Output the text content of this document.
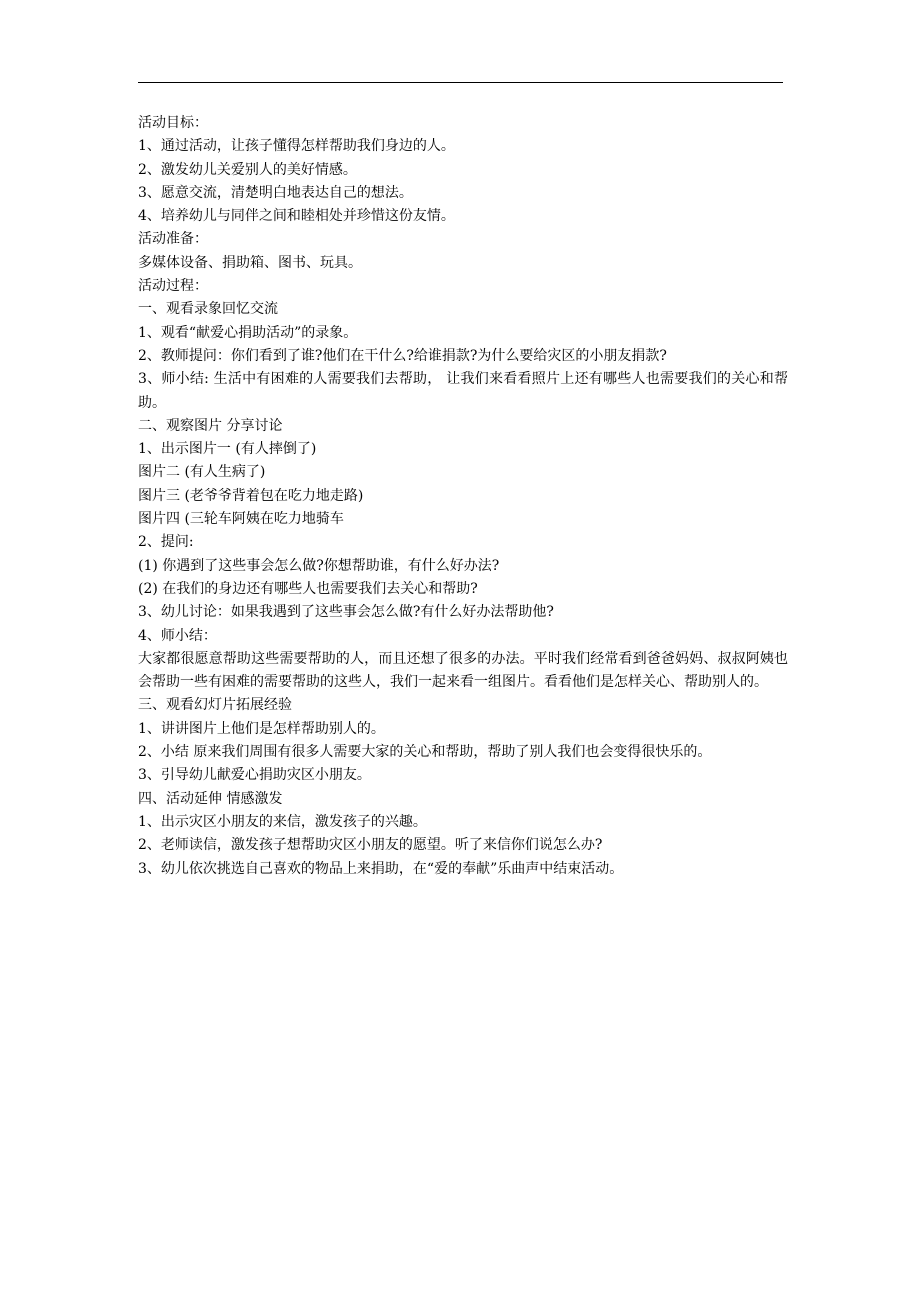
活动目标：

1、通过活动，让孩子懂得怎样帮助我们身边的人。

2、激发幼儿关爱别人的美好情感。

3、愿意交流，清楚明白地表达自己的想法。

4、培养幼儿与同伴之间和睦相处并珍惜这份友情。

活动准备：

多媒体设备、捐助箱、图书、玩具。

活动过程：

一、观看录象回忆交流

1、观看“献爱心捐助活动”的录象。

2、教师提问：你们看到了谁?他们在干什么?给谁捐款?为什么要给灾区的小朋友捐款?

3、师小结: 生活中有困难的人需要我们去帮助， 让我们来看看照片上还有哪些人也需要我们的关心和帮助。

二、观察图片 分享讨论

1、出示图片一 (有人摔倒了)

图片二 (有人生病了)

图片三 (老爷爷背着包在吃力地走路)

图片四 (三轮车阿姨在吃力地骑车

2、提问:

(1) 你遇到了这些事会怎么做?你想帮助谁，有什么好办法?

(2) 在我们的身边还有哪些人也需要我们去关心和帮助?

3、幼儿讨论：如果我遇到了这些事会怎么做?有什么好办法帮助他?

4、师小结：

大家都很愿意帮助这些需要帮助的人，而且还想了很多的办法。平时我们经常看到爸爸妈妈、叔叔阿姨也会帮助一些有困难的需要帮助的这些人，我们一起来看一组图片。看看他们是怎样关心、帮助别人的。

三、观看幻灯片拓展经验

1、讲讲图片上他们是怎样帮助别人的。

2、小结 原来我们周围有很多人需要大家的关心和帮助，帮助了别人我们也会变得很快乐的。

3、引导幼儿献爱心捐助灾区小朋友。

四、活动延伸 情感激发

1、出示灾区小朋友的来信，激发孩子的兴趣。

2、老师读信，激发孩子想帮助灾区小朋友的愿望。听了来信你们说怎么办?

3、幼儿依次挑选自己喜欢的物品上来捐助，在“爱的奉献”乐曲声中结束活动。
